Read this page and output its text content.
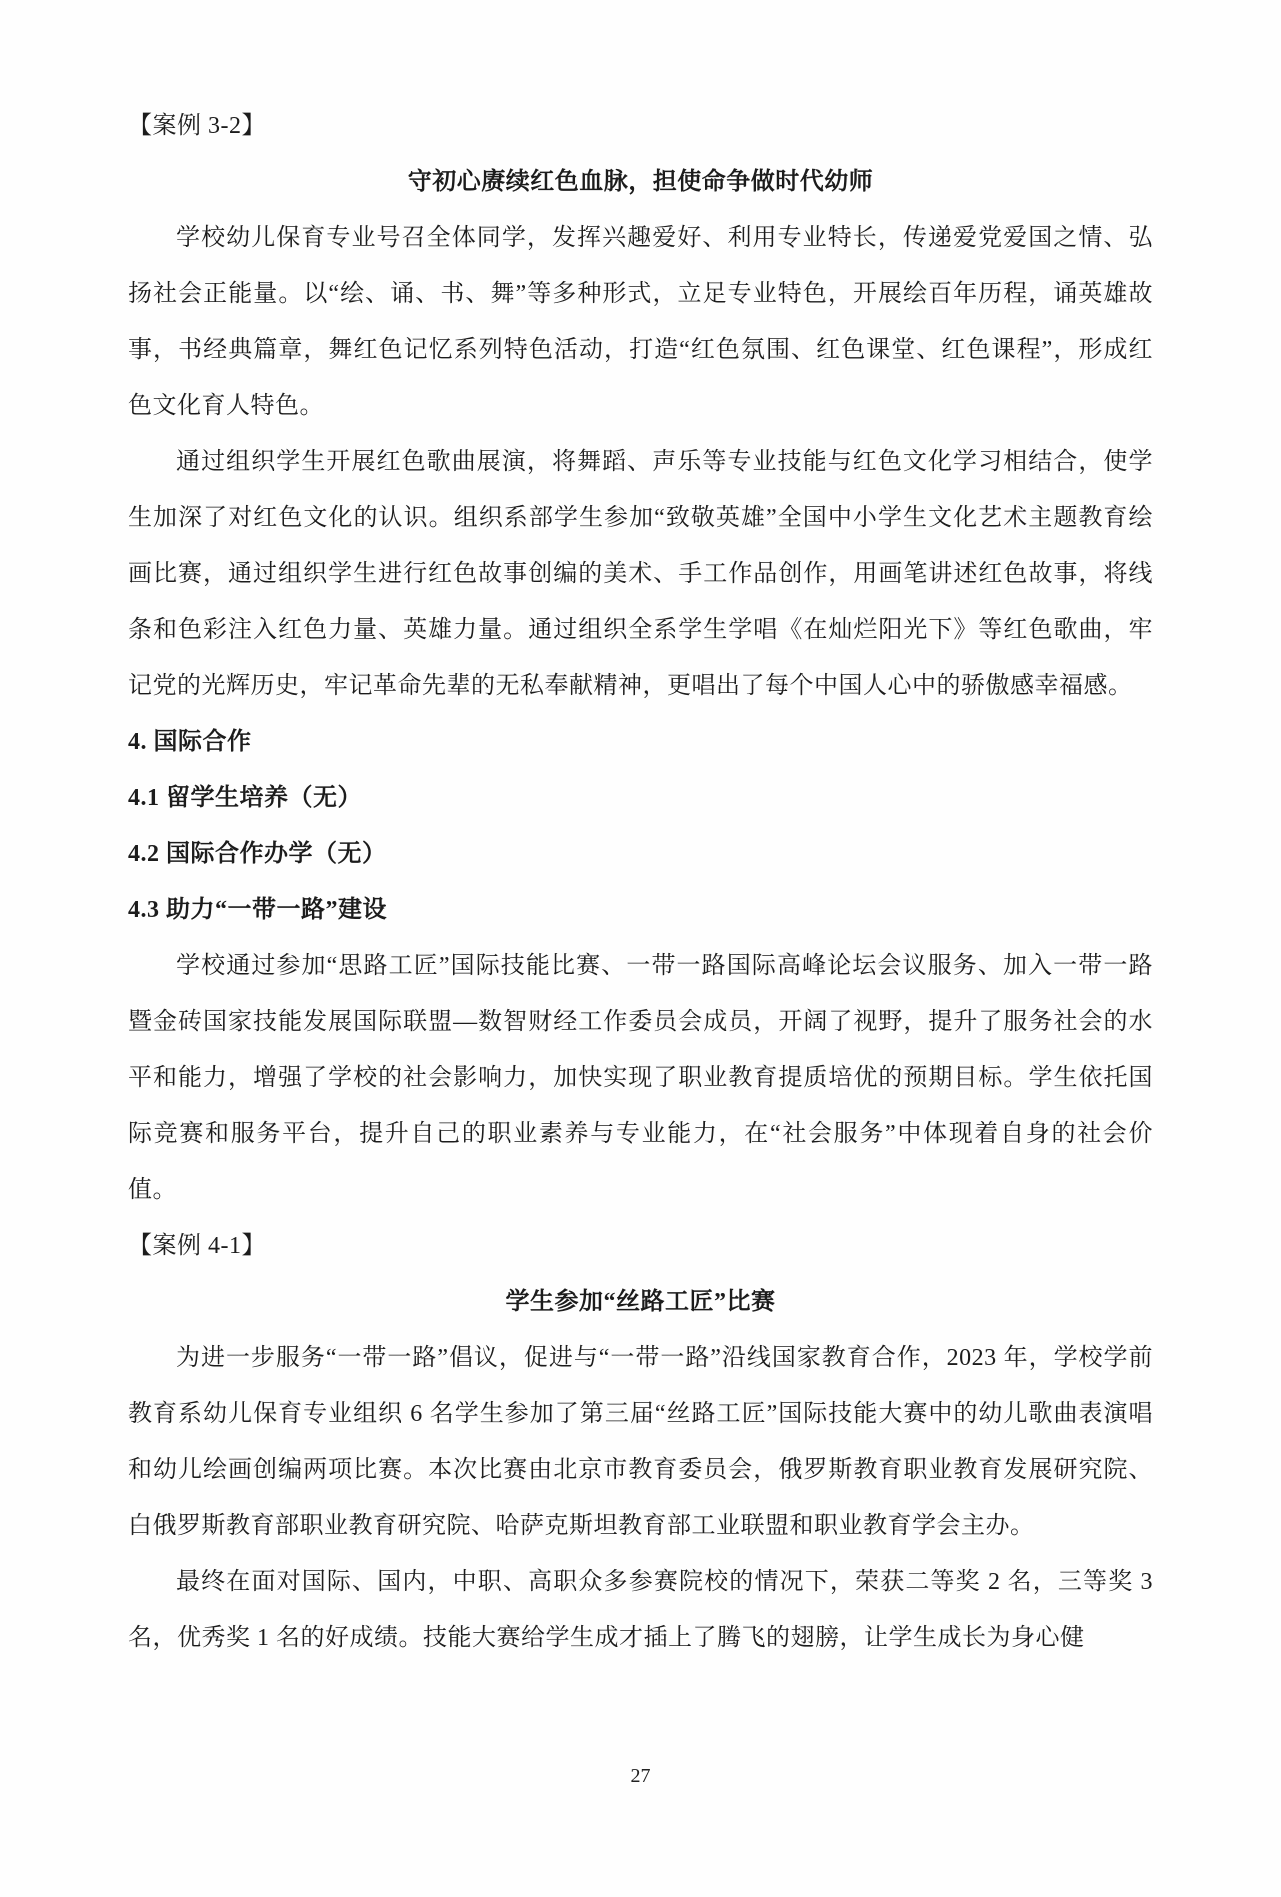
【案例 3-2】

守初心赓续红色血脉，担使命争做时代幼师

学校幼儿保育专业号召全体同学，发挥兴趣爱好、利用专业特长，传递爱党爱国之情、弘扬社会正能量。以“绘、诵、书、舞”等多种形式，立足专业特色，开展绘百年历程，诵英雄故事，书经典篇章，舞红色记忆系列特色活动，打造“红色氛围、红色课堂、红色课程”，形成红色文化育人特色。

通过组织学生开展红色歌曲展演，将舞蹈、声乐等专业技能与红色文化学习相结合，使学生加深了对红色文化的认识。组织系部学生参加“致敬英雄”全国中小学生文化艺术主题教育绘画比赛，通过组织学生进行红色故事创编的美术、手工作品创作，用画笔讲述红色故事，将线条和色彩注入红色力量、英雄力量。通过组织全系学生学唱《在灿烂阳光下》等红色歌曲，牢记党的光辉历史，牢记革命先辈的无私奉献精神，更唱出了每个中国人心中的骄傲感幸福感。

4. 国际合作

4.1 留学生培养（无）

4.2 国际合作办学（无）

4.3 助力“一带一路”建设

学校通过参加“思路工匠”国际技能比赛、一带一路国际高峰论坛会议服务、加入一带一路暨金砖国家技能发展国际联盟—数智财经工作委员会成员，开阔了视野，提升了服务社会的水平和能力，增强了学校的社会影响力，加快实现了职业教育提质培优的预期目标。学生依托国际竞赛和服务平台，提升自己的职业素养与专业能力，在“社会服务”中体现着自身的社会价值。

【案例 4-1】

学生参加“丝路工匠”比赛

为进一步服务“一带一路”倡议，促进与“一带一路”沿线国家教育合作，2023 年，学校学前教育系幼儿保育专业组织 6 名学生参加了第三届“丝路工匠”国际技能大赛中的幼儿歌曲表演唱和幼儿绘画创编两项比赛。本次比赛由北京市教育委员会，俄罗斯教育职业教育发展研究院、白俄罗斯教育部职业教育研究院、哈萨克斯坦教育部工业联盟和职业教育学会主办。

最终在面对国际、国内，中职、高职众多参赛院校的情况下，荣获二等奖 2 名，三等奖 3 名，优秀奖 1 名的好成绩。技能大赛给学生成才插上了腾飞的翅膀，让学生成长为身心健

27
